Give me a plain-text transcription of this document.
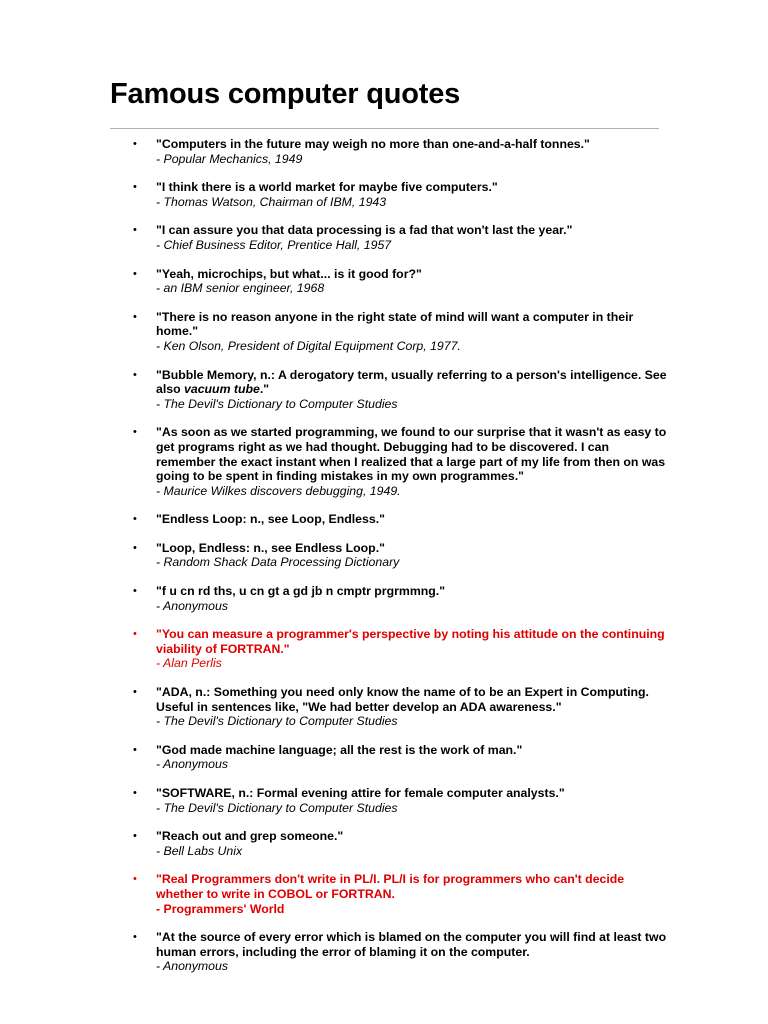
Famous computer quotes
• "Computers in the future may weigh no more than one-and-a-half tonnes."
- Popular Mechanics, 1949
• "I think there is a world market for maybe five computers."
- Thomas Watson, Chairman of IBM, 1943
• "I can assure you that data processing is a fad that won't last the year."
- Chief Business Editor, Prentice Hall, 1957
• "Yeah, microchips, but what... is it good for?"
- an IBM senior engineer, 1968
• "There is no reason anyone in the right state of mind will want a computer in their home."
- Ken Olson, President of Digital Equipment Corp, 1977.
• "Bubble Memory, n.: A derogatory term, usually referring to a person's intelligence. See also vacuum tube."
- The Devil's Dictionary to Computer Studies
• "As soon as we started programming, we found to our surprise that it wasn't as easy to get programs right as we had thought. Debugging had to be discovered. I can remember the exact instant when I realized that a large part of my life from then on was going to be spent in finding mistakes in my own programmes."
- Maurice Wilkes discovers debugging, 1949.
• "Endless Loop: n., see Loop, Endless."
• "Loop, Endless: n., see Endless Loop."
- Random Shack Data Processing Dictionary
• "f u cn rd ths, u cn gt a gd jb n cmptr prgrmmng."
- Anonymous
• "You can measure a programmer's perspective by noting his attitude on the continuing viability of FORTRAN."
- Alan Perlis
• "ADA, n.: Something you need only know the name of to be an Expert in Computing. Useful in sentences like, "We had better develop an ADA awareness."
- The Devil's Dictionary to Computer Studies
• "God made machine language; all the rest is the work of man."
- Anonymous
• "SOFTWARE, n.: Formal evening attire for female computer analysts."
- The Devil's Dictionary to Computer Studies
• "Reach out and grep someone."
- Bell Labs Unix
• "Real Programmers don't write in PL/I. PL/I is for programmers who can't decide whether to write in COBOL or FORTRAN.
- Programmers' World
• "At the source of every error which is blamed on the computer you will find at least two human errors, including the error of blaming it on the computer.
- Anonymous
